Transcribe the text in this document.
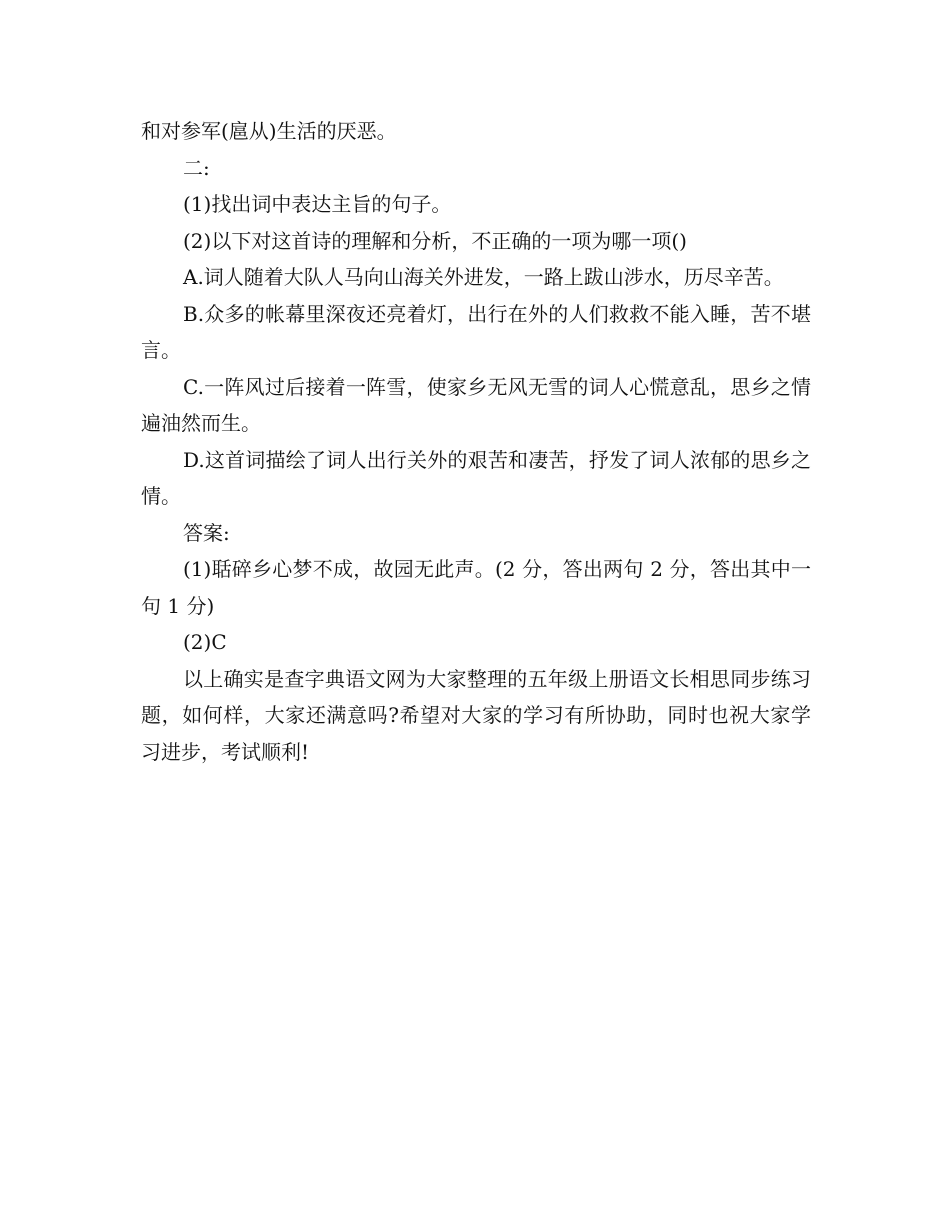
和对参军(扈从)生活的厌恶。

二:

(1)找出词中表达主旨的句子。

(2)以下对这首诗的理解和分析，不正确的一项为哪一项()

A.词人随着大队人马向山海关外进发，一路上跋山涉水，历尽辛苦。

B.众多的帐幕里深夜还亮着灯，出行在外的人们救救不能入睡，苦不堪言。

C.一阵风过后接着一阵雪，使家乡无风无雪的词人心慌意乱，思乡之情遍油然而生。

D.这首词描绘了词人出行关外的艰苦和凄苦，抒发了词人浓郁的思乡之情。

答案:

(1)聒碎乡心梦不成，故园无此声。(2 分，答出两句 2 分，答出其中一句 1 分)

(2)C

以上确实是查字典语文网为大家整理的五年级上册语文长相思同步练习题，如何样，大家还满意吗?希望对大家的学习有所协助，同时也祝大家学习进步，考试顺利!
